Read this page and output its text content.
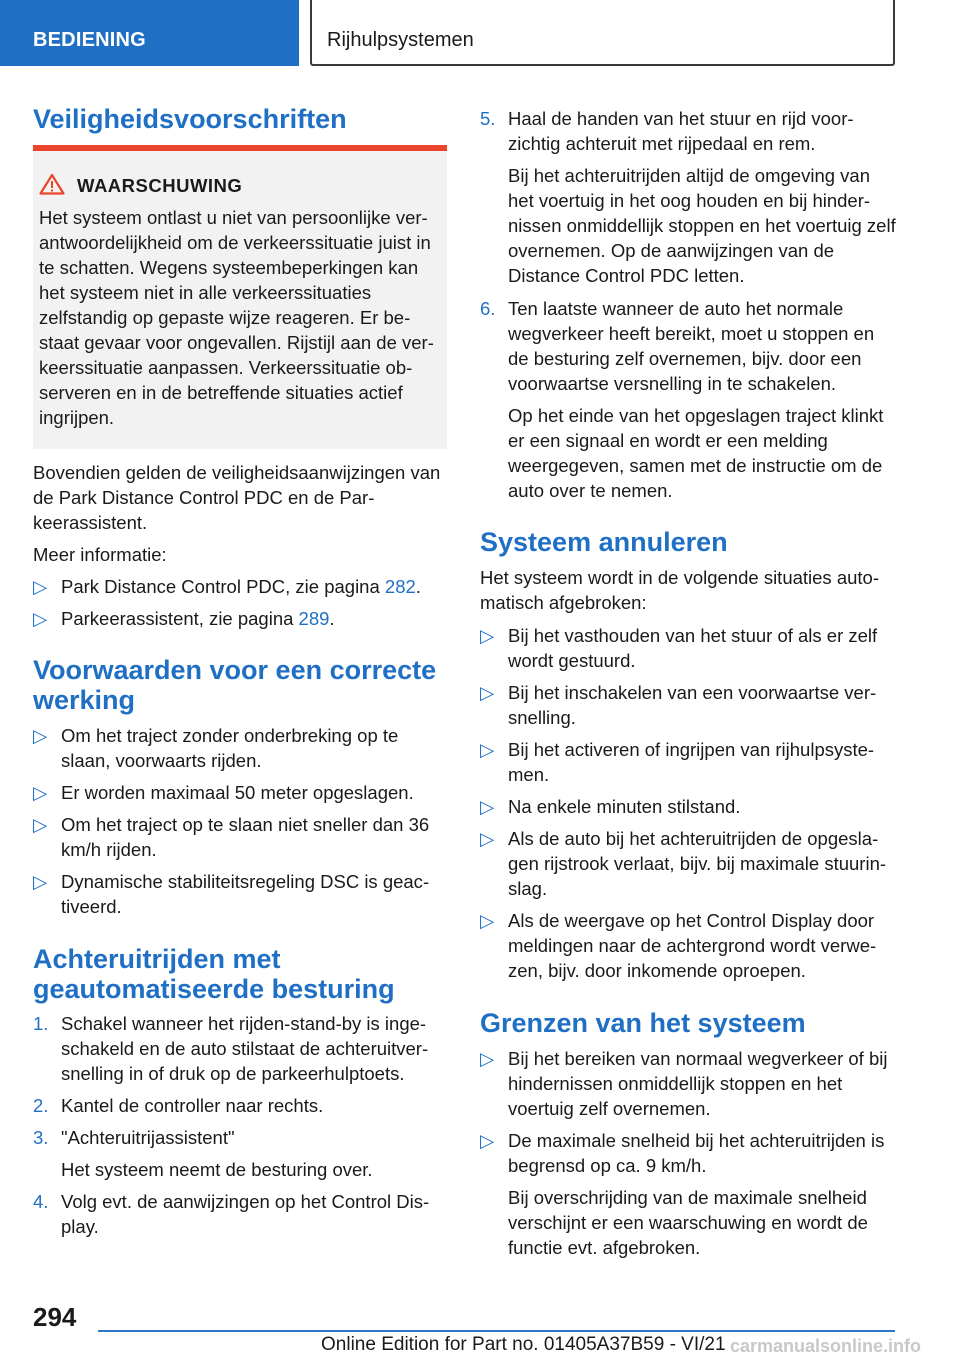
BEDIENING	Rijhulpsystemen
Veiligheidsvoorschriften
WAARSCHUWING
Het systeem ontlast u niet van persoonlijke verantwoordelijkheid om de verkeerssituatie juist in te schatten. Wegens systeembeperkingen kan het systeem niet in alle verkeerssituaties zelfstandig op gepaste wijze reageren. Er bestaat gevaar voor ongevallen. Rijstijl aan de verkeerssituatie aanpassen. Verkeerssituatie observeren en in de betreffende situaties actief ingrijpen.

Bovendien gelden de veiligheidsaanwijzingen van de Park Distance Control PDC en de Parkeerassistent.

Meer informatie:

▷ Park Distance Control PDC, zie pagina 282.
▷ Parkeerassistent, zie pagina 289.
Voorwaarden voor een correcte werking
▷ Om het traject zonder onderbreking op te slaan, voorwaarts rijden.
▷ Er worden maximaal 50 meter opgeslagen.
▷ Om het traject op te slaan niet sneller dan 36 km/h rijden.
▷ Dynamische stabiliteitsregeling DSC is geactiveerd.
Achteruitrijden met geautomatiseerde besturing
1. Schakel wanneer het rijden-stand-by is ingeschakeld en de auto stilstaat de achteruitversnelling in of druk op de parkeerhulptoets.
2. Kantel de controller naar rechts.
3. "Achteruitrijassistent"
Het systeem neemt de besturing over.
4. Volg evt. de aanwijzingen op het Control Display.
5. Haal de handen van het stuur en rijd voorzichtig achteruit met rijpedaal en rem.
Bij het achteruitrijden altijd de omgeving van het voertuig in het oog houden en bij hindernissen onmiddellijk stoppen en het voertuig zelf overnemen. Op de aanwijzingen van de Distance Control PDC letten.
6. Ten laatste wanneer de auto het normale wegverkeer heeft bereikt, moet u stoppen en de besturing zelf overnemen, bijv. door een voorwaartse versnelling in te schakelen.
Op het einde van het opgeslagen traject klinkt er een signaal en wordt er een melding weergegeven, samen met de instructie om de auto over te nemen.
Systeem annuleren

Het systeem wordt in de volgende situaties automatisch afgebroken:

▷ Bij het vasthouden van het stuur of als er zelf wordt gestuurd.
▷ Bij het inschakelen van een voorwaartse versnelling.
▷ Bij het activeren of ingrijpen van rijhulpsystemen.
▷ Na enkele minuten stilstand.
▷ Als de auto bij het achteruitrijden de opgeslagen rijstrook verlaat, bijv. bij maximale stuurinslag.
▷ Als de weergave op het Control Display door meldingen naar de achtergrond wordt verwezen, bijv. door inkomende oproepen.
Grenzen van het systeem
▷ Bij het bereiken van normaal wegverkeer of bij hindernissen onmiddellijk stoppen en het voertuig zelf overnemen.
▷ De maximale snelheid bij het achteruitrijden is begrensd op ca. 9 km/h.
Bij overschrijding van de maximale snelheid verschijnt er een waarschuwing en wordt de functie evt. afgebroken.
294
Online Edition for Part no. 01405A37B59 - VI/21 carmanualsonline.info
